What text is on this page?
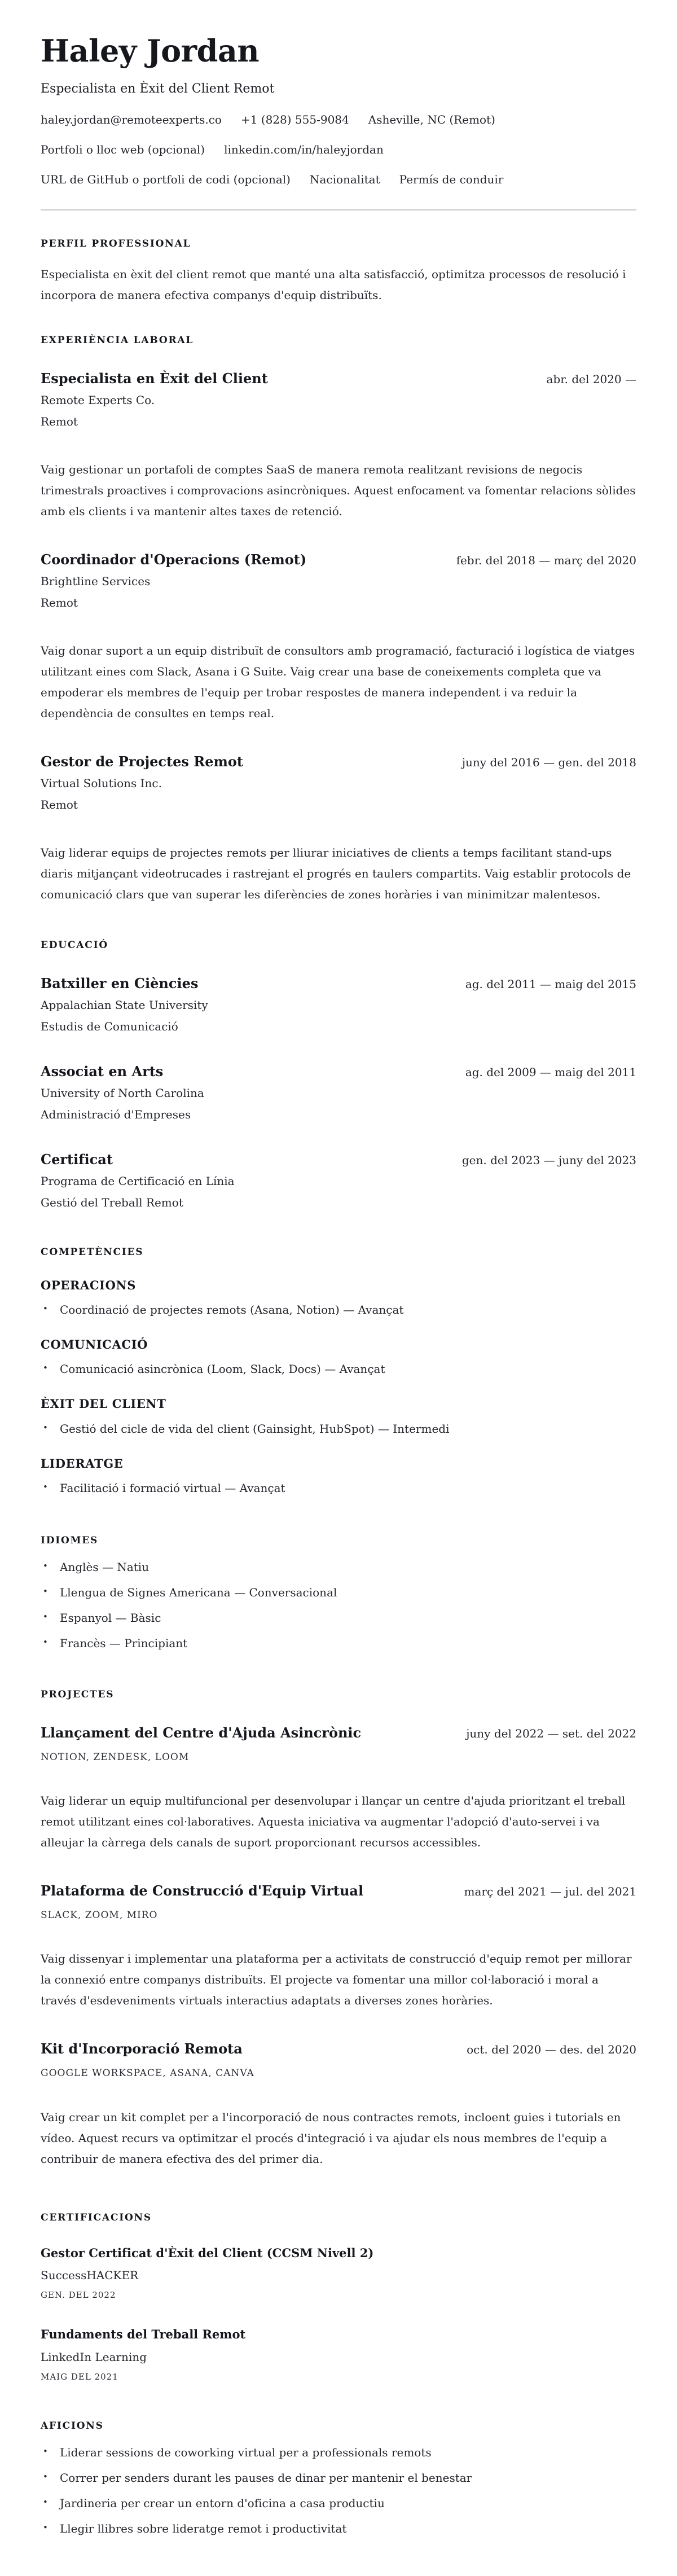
Haley Jordan
Especialista en Èxit del Client Remot
haley.jordan@remoteexperts.co +1 (828) 555-9084 Asheville, NC (Remot)
Portfoli o lloc web (opcional) linkedin.com/in/haleyjordan
URL de GitHub o portfoli de codi (opcional) Nacionalitat Permís de conduir
PERFIL PROFESSIONAL

Especialista en èxit del client remot que manté una alta satisfacció, optimitza processos de resolució i incorpora de manera efectiva companys d'equip distribuïts.

EXPERIÈNCIA LABORAL
Especialista en Èxit del Client	abr. del 2020 —
Remote Experts Co.
Remot

Vaig gestionar un portafoli de comptes SaaS de manera remota realitzant revisions de negocis trimestrals proactives i comprovacions asincròniques. Aquest enfocament va fomentar relacions sòlides amb els clients i va mantenir altes taxes de retenció.

Coordinador d'Operacions (Remot)	febr. del 2018 — març del 2020
Brightline Services
Remot

Vaig donar suport a un equip distribuït de consultors amb programació, facturació i logística de viatges utilitzant eines com Slack, Asana i G Suite. Vaig crear una base de coneixements completa que va empoderar els membres de l'equip per trobar respostes de manera independent i va reduir la dependència de consultes en temps real.

Gestor de Projectes Remot	juny del 2016 — gen. del 2018
Virtual Solutions Inc.
Remot

Vaig liderar equips de projectes remots per lliurar iniciatives de clients a temps facilitant stand-ups diaris mitjançant videotrucades i rastrejant el progrés en taulers compartits. Vaig establir protocols de comunicació clars que van superar les diferències de zones horàries i van minimitzar malentesos.

EDUCACIÓ
Batxiller en Ciències	ag. del 2011 — maig del 2015
Appalachian State University
Estudis de Comunicació
Associat en Arts	ag. del 2009 — maig del 2011
University of North Carolina
Administració d'Empreses
Certificat	gen. del 2023 — juny del 2023
Programa de Certificació en Línia
Gestió del Treball Remot
COMPETÈNCIES
OPERACIONS
• Coordinació de projectes remots (Asana, Notion) — Avançat
COMUNICACIÓ
• Comunicació asincrònica (Loom, Slack, Docs) — Avançat
ÈXIT DEL CLIENT
• Gestió del cicle de vida del client (Gainsight, HubSpot) — Intermedi
LIDERATGE
• Facilitació i formació virtual — Avançat
IDIOMES
• Anglès — Natiu
• Llengua de Signes Americana — Conversacional
• Espanyol — Bàsic
• Francès — Principiant
PROJECTES
Llançament del Centre d'Ajuda Asincrònic	juny del 2022 — set. del 2022
NOTION, ZENDESK, LOOM

Vaig liderar un equip multifuncional per desenvolupar i llançar un centre d'ajuda prioritzant el treball remot utilitzant eines col·laboratives. Aquesta iniciativa va augmentar l'adopció d'auto-servei i va alleujar la càrrega dels canals de suport proporcionant recursos accessibles.

Plataforma de Construcció d'Equip Virtual	març del 2021 — jul. del 2021
SLACK, ZOOM, MIRO

Vaig dissenyar i implementar una plataforma per a activitats de construcció d'equip remot per millorar la connexió entre companys distribuïts. El projecte va fomentar una millor col·laboració i moral a través d'esdeveniments virtuals interactius adaptats a diverses zones horàries.

Kit d'Incorporació Remota	oct. del 2020 — des. del 2020
GOOGLE WORKSPACE, ASANA, CANVA

Vaig crear un kit complet per a l'incorporació de nous contractes remots, incloent guies i tutorials en vídeo. Aquest recurs va optimitzar el procés d'integració i va ajudar els nous membres de l'equip a contribuir de manera efectiva des del primer dia.

CERTIFICACIONS
Gestor Certificat d'Èxit del Client (CCSM Nivell 2)
SuccessHACKER
GEN. DEL 2022
Fundaments del Treball Remot
LinkedIn Learning
MAIG DEL 2021
AFICIONS
• Liderar sessions de coworking virtual per a professionals remots
• Correr per senders durant les pauses de dinar per mantenir el benestar
• Jardineria per crear un entorn d'oficina a casa productiu
• Llegir llibres sobre lideratge remot i productivitat
